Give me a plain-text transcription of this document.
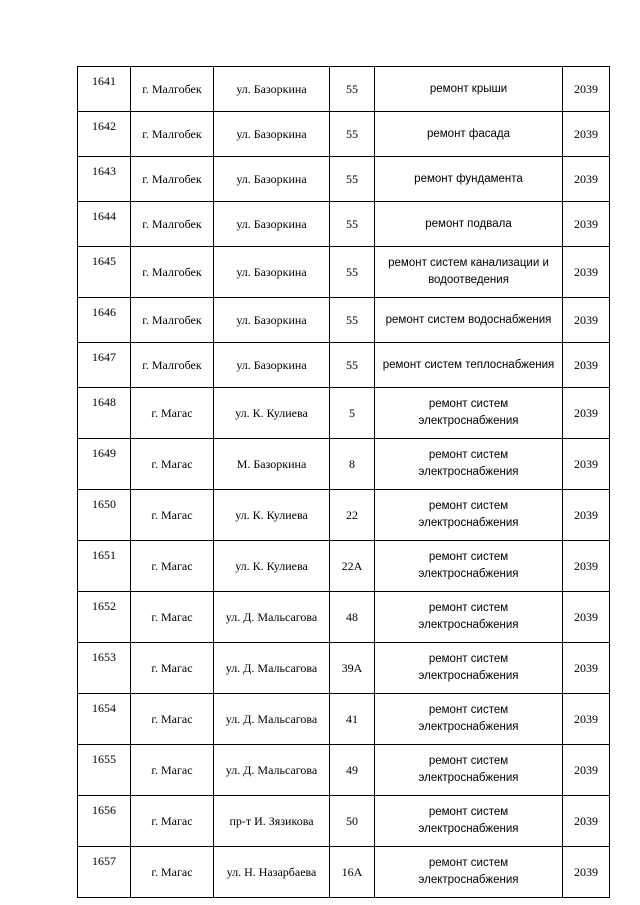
1641	г. Малгобек	ул. Базоркина	55	ремонт крыши	2039
1642	г. Малгобек	ул. Базоркина	55	ремонт фасада	2039
1643	г. Малгобек	ул. Базоркина	55	ремонт фундамента	2039
1644	г. Малгобек	ул. Базоркина	55	ремонт подвала	2039
1645	г. Малгобек	ул. Базоркина	55	ремонт систем канализации и водоотведения	2039
1646	г. Малгобек	ул. Базоркина	55	ремонт систем водоснабжения	2039
1647	г. Малгобек	ул. Базоркина	55	ремонт систем теплоснабжения	2039
1648	г. Магас	ул. К. Кулиева	5	ремонт систем электроснабжения	2039
1649	г. Магас	М. Базоркина	8	ремонт систем электроснабжения	2039
1650	г. Магас	ул. К. Кулиева	22	ремонт систем электроснабжения	2039
1651	г. Магас	ул. К. Кулиева	22А	ремонт систем электроснабжения	2039
1652	г. Магас	ул. Д. Мальсагова	48	ремонт систем электроснабжения	2039
1653	г. Магас	ул. Д. Мальсагова	39А	ремонт систем электроснабжения	2039
1654	г. Магас	ул. Д. Мальсагова	41	ремонт систем электроснабжения	2039
1655	г. Магас	ул. Д. Мальсагова	49	ремонт систем электроснабжения	2039
1656	г. Магас	пр-т И. Зязикова	50	ремонт систем электроснабжения	2039
1657	г. Магас	ул. Н. Назарбаева	16А	ремонт систем электроснабжения	2039
